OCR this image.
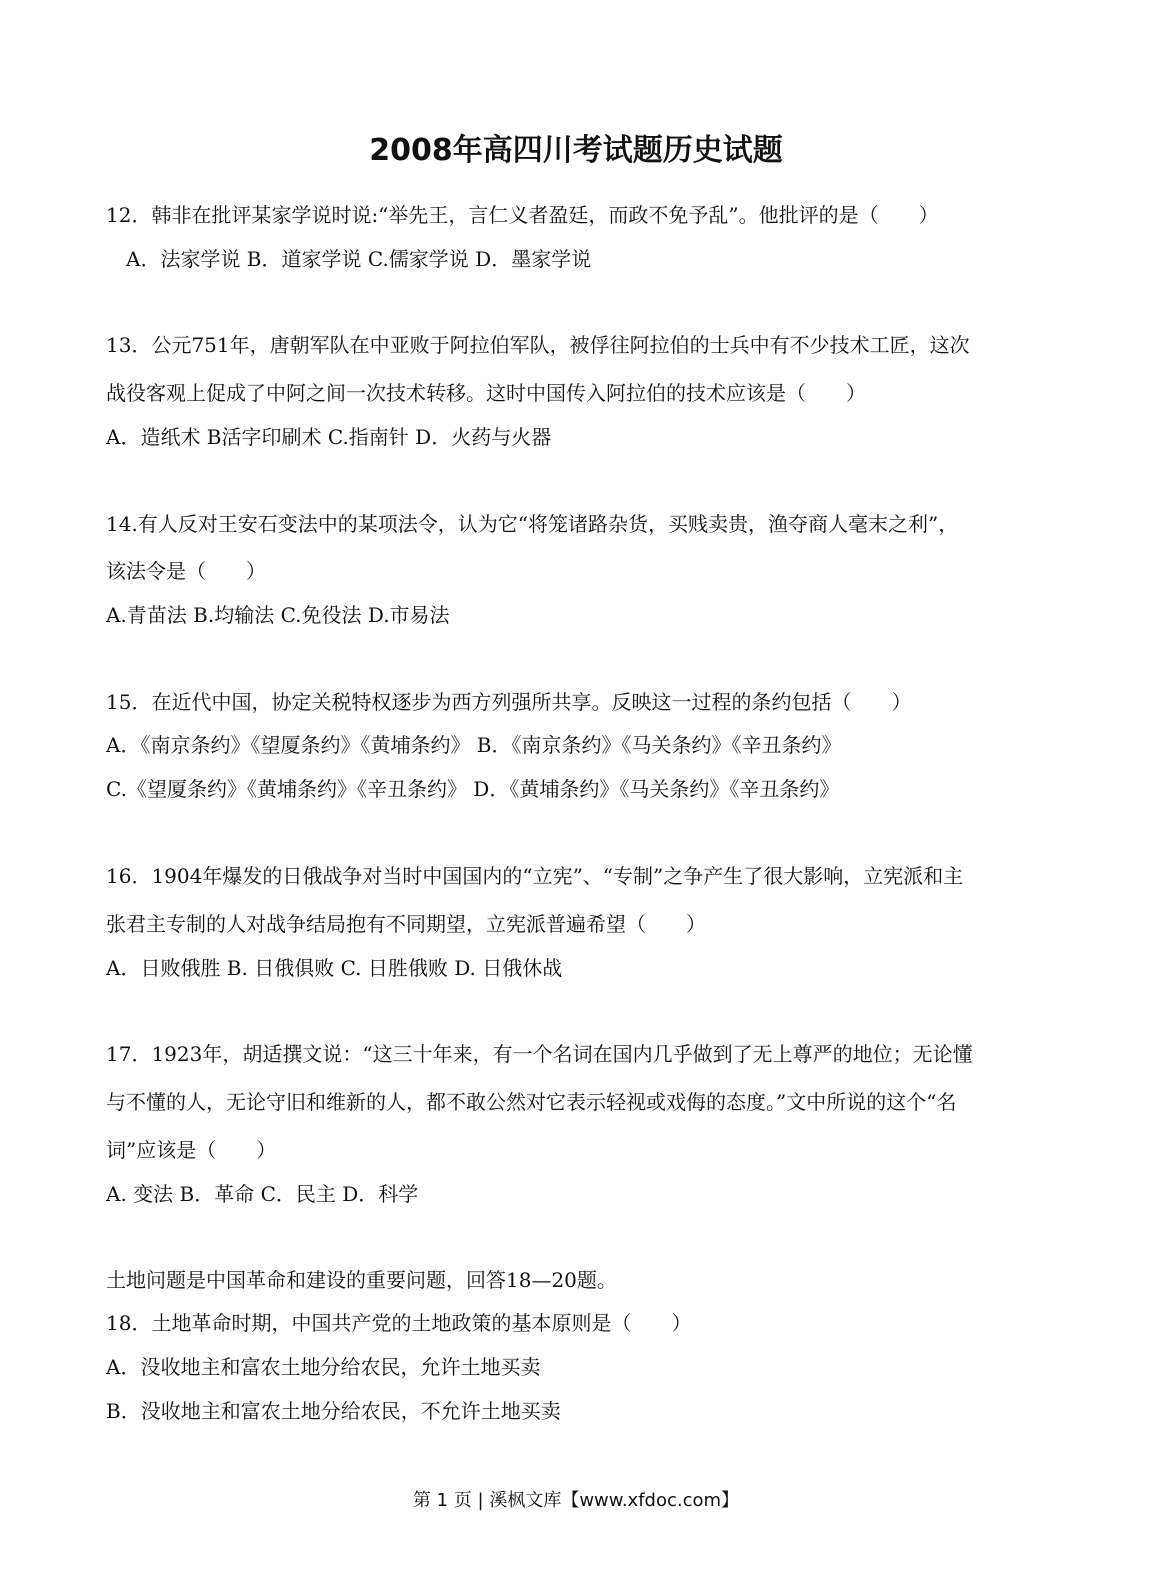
2008年高四川考试题历史试题
12．韩非在批评某家学说时说:“举先王，言仁义者盈廷，而政不免予乱”。他批评的是（　　）
A．法家学说 B．道家学说 C.儒家学说 D．墨家学说
13．公元751年，唐朝军队在中亚败于阿拉伯军队，被俘往阿拉伯的士兵中有不少技术工匠，这次
战役客观上促成了中阿之间一次技术转移。这时中国传入阿拉伯的技术应该是（　　）
A．造纸术 B活字印刷术 C.指南针 D．火药与火器
14.有人反对王安石变法中的某项法令，认为它“将笼诸路杂货，买贱卖贵，渔夺商人毫末之利”，
该法令是（　　）
A.青苗法 B.均输法 C.免役法 D.市易法
15．在近代中国，协定关税特权逐步为西方列强所共享。反映这一过程的条约包括（　　）
A．《南京条约》《望厦条约》《黄埔条约》 B．《南京条约》《马关条约》《辛丑条约》
C.《望厦条约》《黄埔条约》《辛丑条约》 D．《黄埔条约》《马关条约》《辛丑条约》
16．1904年爆发的日俄战争对当时中国国内的“立宪”、“专制”之争产生了很大影响，立宪派和主
张君主专制的人对战争结局抱有不同期望，立宪派普遍希望（　　）
A．日败俄胜 B. 日俄俱败 C. 日胜俄败 D. 日俄休战
17．1923年，胡适撰文说：“这三十年来，有一个名词在国内几乎做到了无上尊严的地位；无论懂
与不懂的人，无论守旧和维新的人，都不敢公然对它表示轻视或戏侮的态度。”文中所说的这个“名
词”应该是（　　）
A. 变法 B．革命 C．民主 D．科学
土地问题是中国革命和建设的重要问题，回答18—20题。
18．土地革命时期，中国共产党的土地政策的基本原则是（　　）
A．没收地主和富农土地分给农民，允许土地买卖
B．没收地主和富农土地分给农民，不允许土地买卖
第 1 页 | 溪枫文库【www.xfdoc.com】
